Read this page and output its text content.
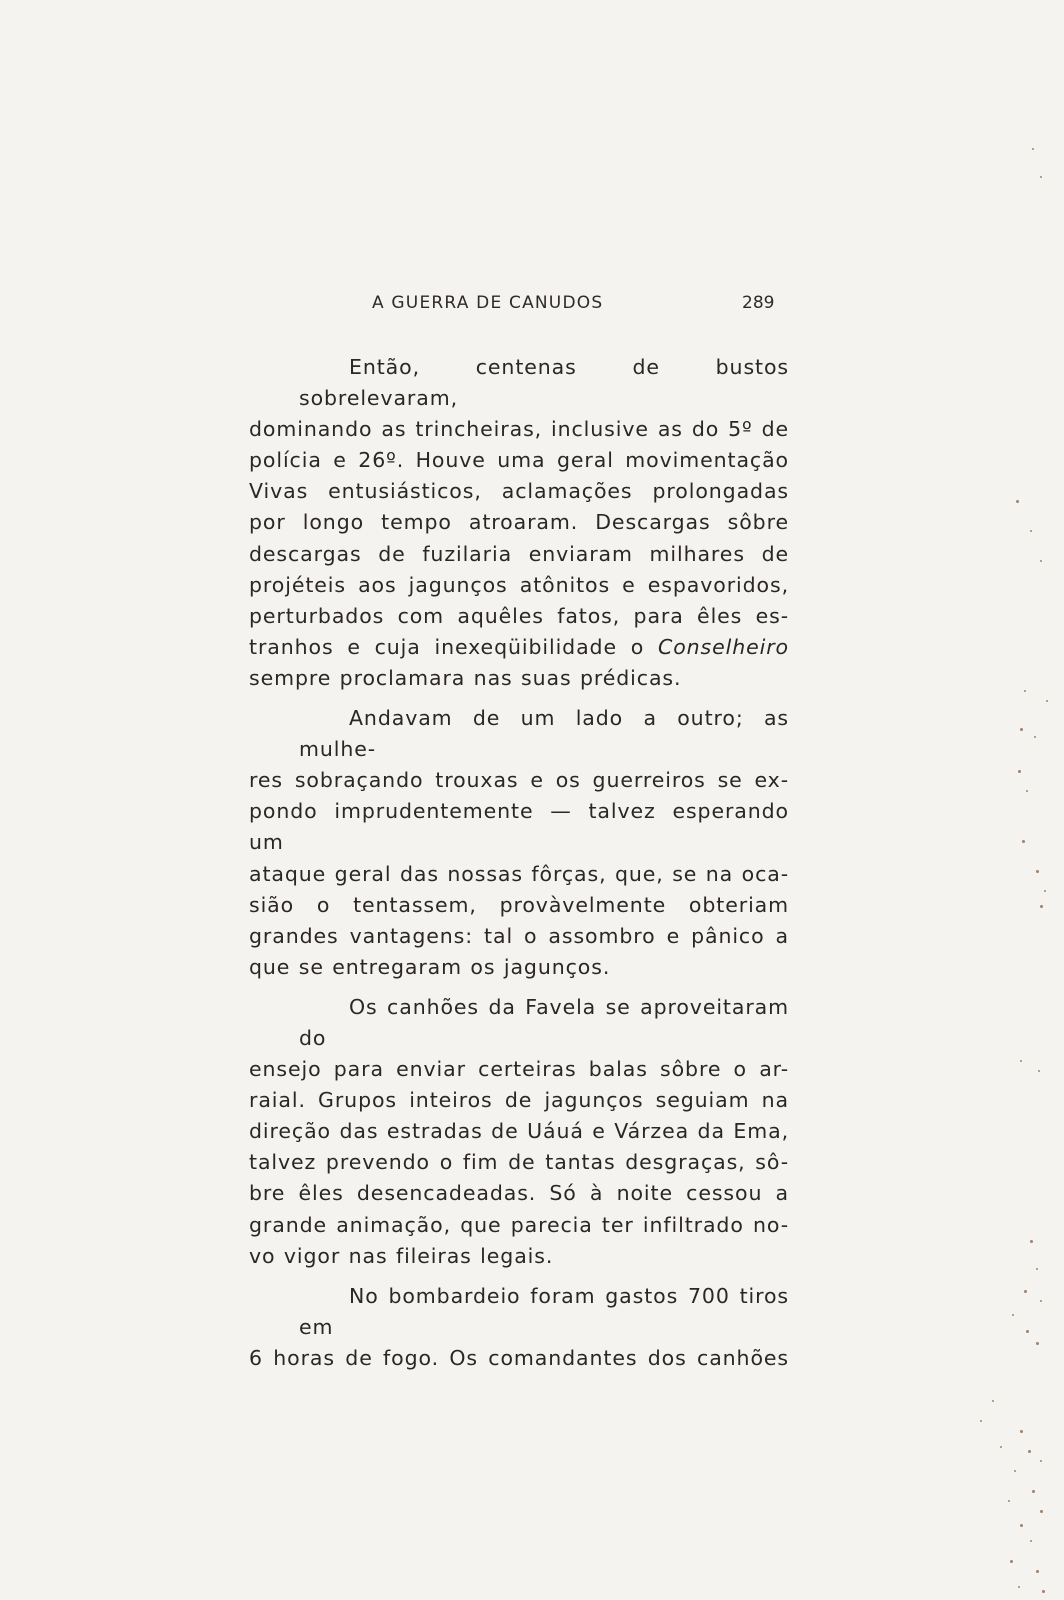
A GUERRA DE CANUDOS	289

Então, centenas de bustos sobrelevaram,
dominando as trincheiras, inclusive as do 5º de
polícia e 26º. Houve uma geral movimentação
Vivas entusiásticos, aclamações prolongadas
por longo tempo atroaram. Descargas sôbre
descargas de fuzilaria enviaram milhares de
projéteis aos jagunços atônitos e espavoridos,
perturbados com aquêles fatos, para êles es-
tranhos e cuja inexeqüibilidade o Conselheiro
sempre proclamara nas suas prédicas.

Andavam de um lado a outro; as mulhe-
res sobraçando trouxas e os guerreiros se ex-
pondo imprudentemente — talvez esperando um
ataque geral das nossas fôrças, que, se na oca-
sião o tentassem, provàvelmente obteriam
grandes vantagens: tal o assombro e pânico a
que se entregaram os jagunços.

Os canhões da Favela se aproveitaram do
ensejo para enviar certeiras balas sôbre o ar-
raial. Grupos inteiros de jagunços seguiam na
direção das estradas de Uáuá e Várzea da Ema,
talvez prevendo o fim de tantas desgraças, sô-
bre êles desencadeadas. Só à noite cessou a
grande animação, que parecia ter infiltrado no-
vo vigor nas fileiras legais.

No bombardeio foram gastos 700 tiros em
6 horas de fogo. Os comandantes dos canhões
